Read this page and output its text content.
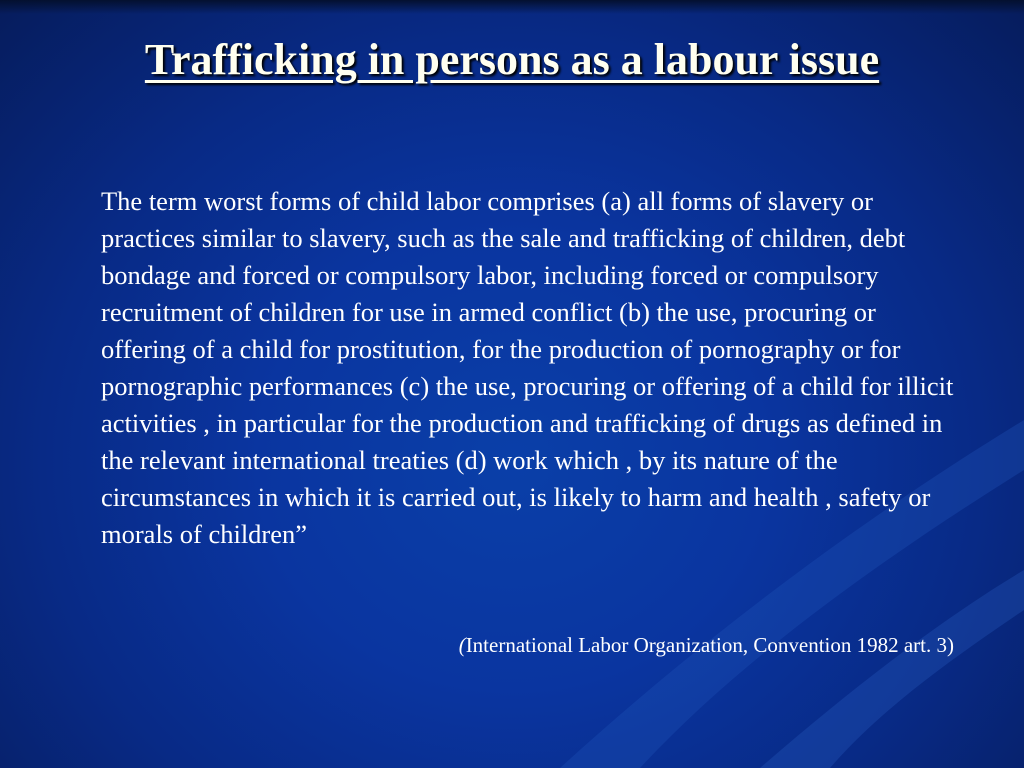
Trafficking in persons as a labour issue

The term worst forms of child labor comprises (a) all forms of slavery or practices similar to slavery, such as the sale and trafficking of children, debt bondage and forced or compulsory labor, including forced or compulsory recruitment of children for use in armed conflict (b) the use, procuring or offering of a child for prostitution, for the production of pornography or for pornographic performances (c) the use, procuring or offering of a child for illicit activities , in particular for the production and trafficking of drugs as defined in the relevant international treaties (d) work which , by its nature of the circumstances in which it is carried out, is likely to harm and health , safety or morals of children”

(International Labor Organization, Convention 1982 art. 3)
